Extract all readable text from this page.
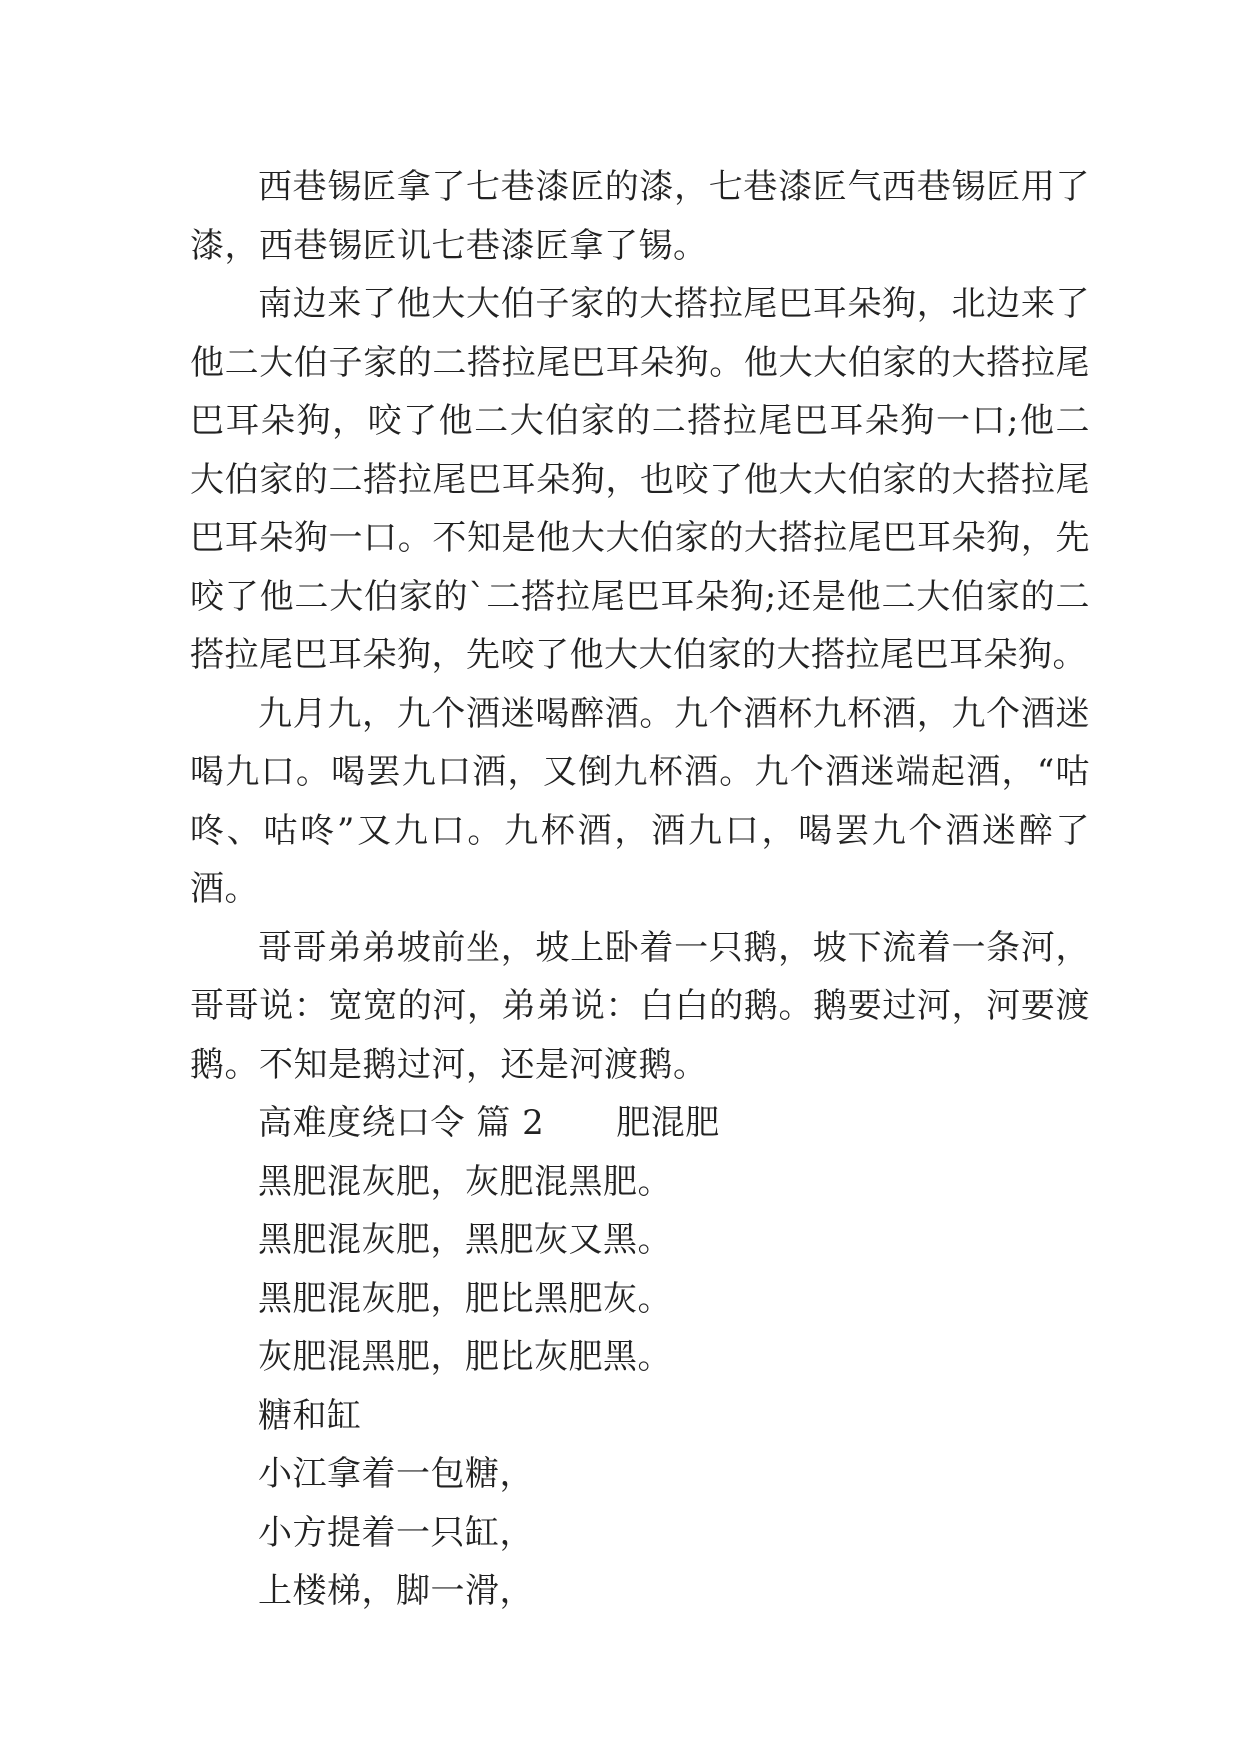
西巷锡匠拿了七巷漆匠的漆，七巷漆匠气西巷锡匠用了漆，西巷锡匠讥七巷漆匠拿了锡。

南边来了他大大伯子家的大搭拉尾巴耳朵狗，北边来了他二大伯子家的二搭拉尾巴耳朵狗。他大大伯家的大搭拉尾巴耳朵狗，咬了他二大伯家的二搭拉尾巴耳朵狗一口;他二大伯家的二搭拉尾巴耳朵狗，也咬了他大大伯家的大搭拉尾巴耳朵狗一口。不知是他大大伯家的大搭拉尾巴耳朵狗，先咬了他二大伯家的`二搭拉尾巴耳朵狗;还是他二大伯家的二搭拉尾巴耳朵狗，先咬了他大大伯家的大搭拉尾巴耳朵狗。

九月九，九个酒迷喝醉酒。九个酒杯九杯酒，九个酒迷喝九口。喝罢九口酒，又倒九杯酒。九个酒迷端起酒，“咕咚、咕咚”又九口。九杯酒，酒九口，喝罢九个酒迷醉了酒。

哥哥弟弟坡前坐，坡上卧着一只鹅，坡下流着一条河，哥哥说：宽宽的河，弟弟说：白白的鹅。鹅要过河，河要渡鹅。不知是鹅过河，还是河渡鹅。

高难度绕口令 篇 2 肥混肥

黑肥混灰肥，灰肥混黑肥。

黑肥混灰肥，黑肥灰又黑。

黑肥混灰肥，肥比黑肥灰。

灰肥混黑肥，肥比灰肥黑。

糖和缸

小江拿着一包糖，

小方提着一只缸，

上楼梯，脚一滑，
